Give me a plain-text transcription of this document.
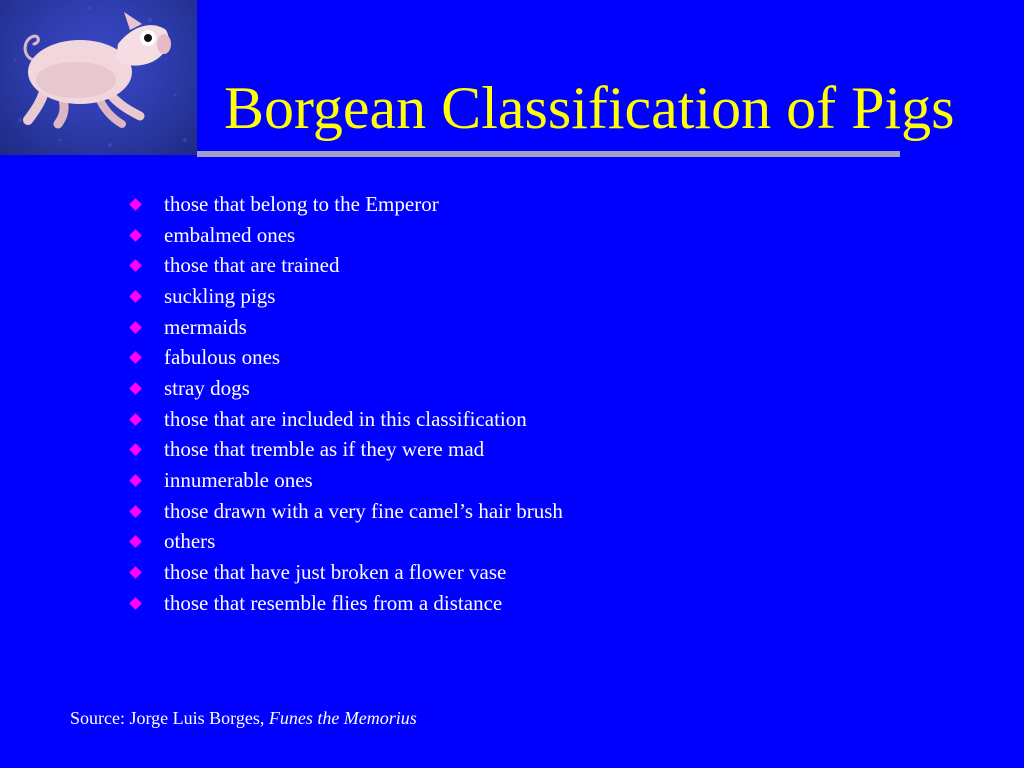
Borgean Classification of Pigs
those that belong to the Emperor
embalmed ones
those that are trained
suckling pigs
mermaids
fabulous ones
stray dogs
those that are included in this classification
those that tremble as if they were mad
innumerable ones
those drawn with a very fine camel’s hair brush
others
those that have just broken a flower vase
those that resemble flies from a distance
Source: Jorge Luis Borges, Funes the Memorius
